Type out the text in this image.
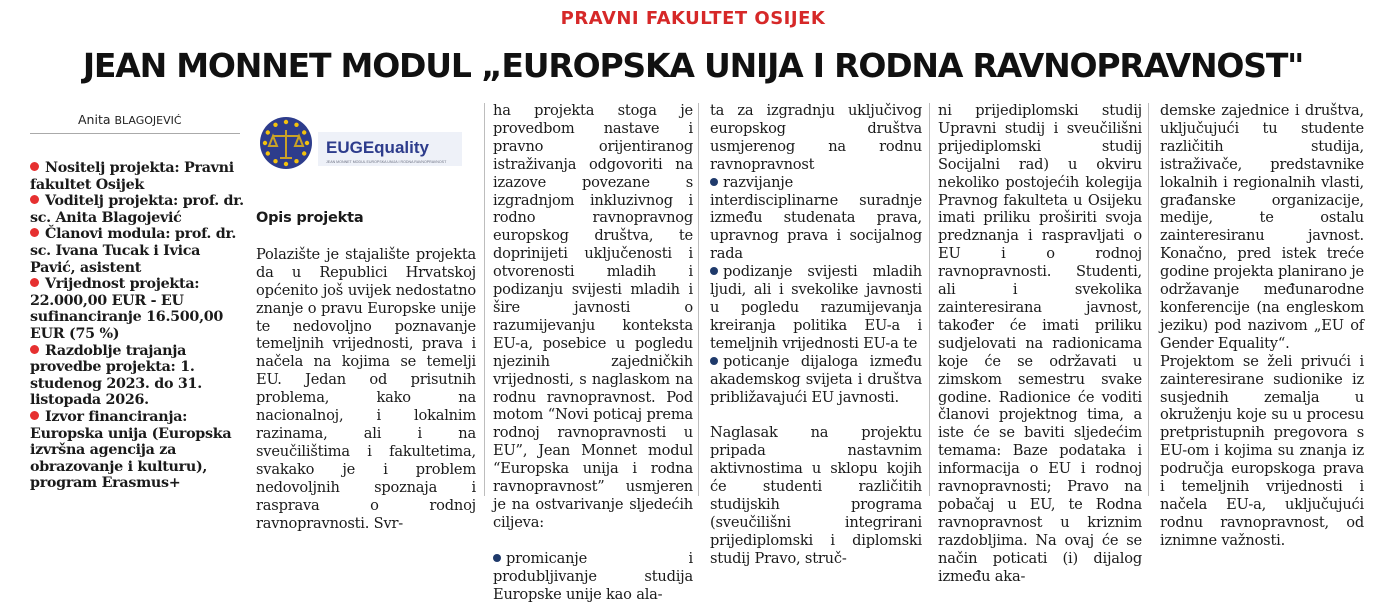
PRAVNI FAKULTET OSIJEK
JEAN MONNET MODUL „EUROPSKA UNIJA I RODNA RAVNOPRAVNOST"
Anita BLAGOJEVIĆ
Nositelj projekta: Pravni fakultet Osijek
Voditelj projekta: prof. dr. sc. Anita Blagojević
Članovi modula: prof. dr. sc. Ivana Tucak i Ivica Pavić, asistent
Vrijednost projekta: 22.000,00 EUR - EU sufinanciranje 16.500,00 EUR (75 %)
Razdoblje trajanja provedbe projekta: 1. studenog 2023. do 31. listopada 2026.
Izvor financiranja: Europska unija (Europska izvršna agencija za obrazovanje i kulturu), program Erasmus+
EUGEquality
JEAN MONNET MODUL EUROPSKA UNIJA I RODNA RAVNOPRAVNOST

Opis projekta

Polazište je stajalište projekta da u Republici Hrvatskoj općenito još uvijek nedostatno znanje o pravu Europske unije te nedovoljno poznavanje temeljnih vrijednosti, prava i načela na kojima se temelji EU. Jedan od prisutnih problema, kako na nacionalnoj, i lokalnim razinama, ali i na sveučilištima i fakultetima, svakako je i problem nedovoljnih spoznaja i rasprava o rodnoj ravnopravnosti. Svr-

ha projekta stoga je provedbom nastave i pravno orijentiranog istraživanja odgovoriti na izazove povezane s izgradnjom inkluzivnog i rodno ravnopravnog europskog društva, te doprinijeti uključenosti i otvorenosti mladih i podizanju svijesti mladih i šire javnosti o razumijevanju konteksta EU-a, posebice u pogledu njezinih zajedničkih vrijednosti, s naglaskom na rodnu ravnopravnost. Pod motom “Novi poticaj prema rodnoj ravnopravnosti u EU”, Jean Monnet modul “Europska unija i rodna ravnopravnost” usmjeren je na ostvarivanje sljedećih ciljeva:

promicanje i produbljivanje studija Europske unije kao ala-

ta za izgradnju uključivog europskog društva usmjerenog na rodnu ravnopravnost

razvijanje interdisciplinarne suradnje između studenata prava, upravnog prava i socijalnog rada

podizanje svijesti mladih ljudi, ali i svekolike javnosti u pogledu razumijevanja kreiranja politika EU-a i temeljnih vrijednosti EU-a te

poticanje dijaloga između akademskog svijeta i društva približavajući EU javnosti.

Naglasak na projektu pripada nastavnim aktivnostima u sklopu kojih će studenti različitih studijskih programa (sveučilišni integrirani prijediplomski i diplomski studij Pravo, struč-

ni prijediplomski studij Upravni studij i sveučilišni prijediplomski studij Socijalni rad) u okviru nekoliko postojećih kolegija Pravnog fakulteta u Osijeku imati priliku proširiti svoja predznanja i raspravljati o EU i o rodnoj ravnopravnosti. Studenti, ali i svekolika zainteresirana javnost, također će imati priliku sudjelovati na radionicama koje će se održavati u zimskom semestru svake godine. Radionice će voditi članovi projektnog tima, a iste će se baviti sljedećim temama: Baze podataka i informacija o EU i rodnoj ravnopravnosti; Pravo na pobačaj u EU, te Rodna ravnopravnost u kriznim razdobljima. Na ovaj će se način poticati (i) dijalog između aka-

demske zajednice i društva, uključujući tu studente različitih studija, istraživače, predstavnike lokalnih i regionalnih vlasti, građanske organizacije, medije, te ostalu zainteresiranu javnost. Konačno, pred istek treće godine projekta planirano je održavanje međunarodne konferencije (na engleskom jeziku) pod nazivom „EU of Gender Equality“.

Projektom se želi privući i zainteresirane sudionike iz susjednih zemalja u okruženju koje su u procesu pretpristupnih pregovora s EU-om i kojima su znanja iz područja europskoga prava i temeljnih vrijednosti i načela EU-a, uključujući rodnu ravnopravnost, od iznimne važnosti.
